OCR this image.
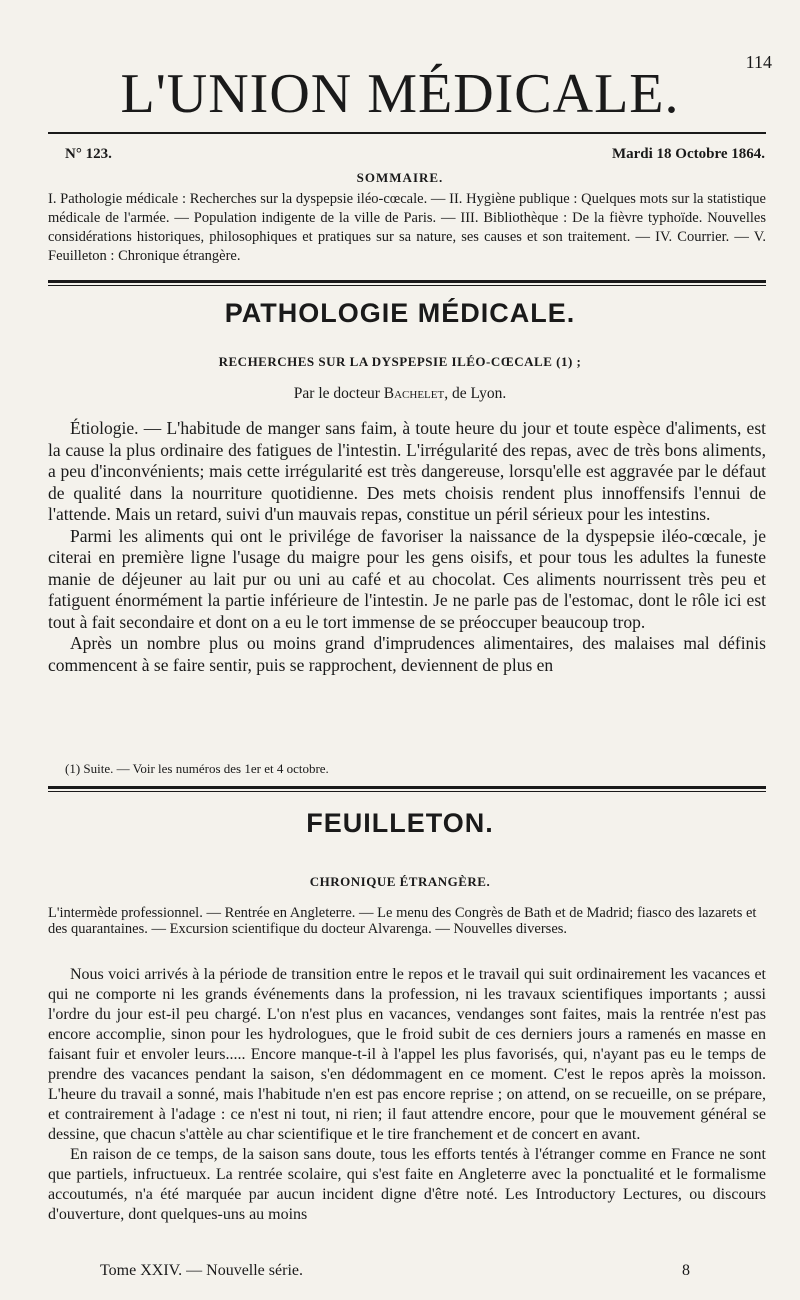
114
L'UNION MÉDICALE.
N° 123.	Mardi 18 Octobre 1864.
SOMMAIRE.
I. Pathologie médicale : Recherches sur la dyspepsie iléo-cœcale. — II. Hygiène publique : Quelques mots sur la statistique médicale de l'armée. — Population indigente de la ville de Paris. — III. Bibliothèque : De la fièvre typhoïde. Nouvelles considérations historiques, philosophiques et pratiques sur sa nature, ses causes et son traitement. — IV. Courrier. — V. Feuilleton : Chronique étrangère.
PATHOLOGIE MÉDICALE.
RECHERCHES SUR LA DYSPEPSIE ILÉO-CŒCALE (1) ;
Par le docteur Bachelet, de Lyon.

Étiologie. — L'habitude de manger sans faim, à toute heure du jour et toute espèce d'aliments, est la cause la plus ordinaire des fatigues de l'intestin. L'irrégularité des repas, avec de très bons aliments, a peu d'inconvénients; mais cette irrégularité est très dangereuse, lorsqu'elle est aggravée par le défaut de qualité dans la nourriture quotidienne. Des mets choisis rendent plus innoffensifs l'ennui de l'attende. Mais un retard, suivi d'un mauvais repas, constitue un péril sérieux pour les intestins.

Parmi les aliments qui ont le privilége de favoriser la naissance de la dyspepsie iléo-cœcale, je citerai en première ligne l'usage du maigre pour les gens oisifs, et pour tous les adultes la funeste manie de déjeuner au lait pur ou uni au café et au chocolat. Ces aliments nourrissent très peu et fatiguent énormément la partie inférieure de l'intestin. Je ne parle pas de l'estomac, dont le rôle ici est tout à fait secondaire et dont on a eu le tort immense de se préoccuper beaucoup trop.

Après un nombre plus ou moins grand d'imprudences alimentaires, des malaises mal définis commencent à se faire sentir, puis se rapprochent, deviennent de plus en

(1) Suite. — Voir les numéros des 1er et 4 octobre.
FEUILLETON.
CHRONIQUE ÉTRANGÈRE.
L'intermède professionnel. — Rentrée en Angleterre. — Le menu des Congrès de Bath et de Madrid; fiasco des lazarets et des quarantaines. — Excursion scientifique du docteur Alvarenga. — Nouvelles diverses.

Nous voici arrivés à la période de transition entre le repos et le travail qui suit ordinairement les vacances et qui ne comporte ni les grands événements dans la profession, ni les travaux scientifiques importants ; aussi l'ordre du jour est-il peu chargé. L'on n'est plus en vacances, vendanges sont faites, mais la rentrée n'est pas encore accomplie, sinon pour les hydrologues, que le froid subit de ces derniers jours a ramenés en masse en faisant fuir et envoler leurs..... Encore manque-t-il à l'appel les plus favorisés, qui, n'ayant pas eu le temps de prendre des vacances pendant la saison, s'en dédommagent en ce moment. C'est le repos après la moisson. L'heure du travail a sonné, mais l'habitude n'en est pas encore reprise ; on attend, on se recueille, on se prépare, et contrairement à l'adage : ce n'est ni tout, ni rien; il faut attendre encore, pour que le mouvement général se dessine, que chacun s'attèle au char scientifique et le tire franchement et de concert en avant.

En raison de ce temps, de la saison sans doute, tous les efforts tentés à l'étranger comme en France ne sont que partiels, infructueux. La rentrée scolaire, qui s'est faite en Angleterre avec la ponctualité et le formalisme accoutumés, n'a été marquée par aucun incident digne d'être noté. Les Introductory Lectures, ou discours d'ouverture, dont quelques-uns au moins

Tome XXIV. — Nouvelle série.	8
